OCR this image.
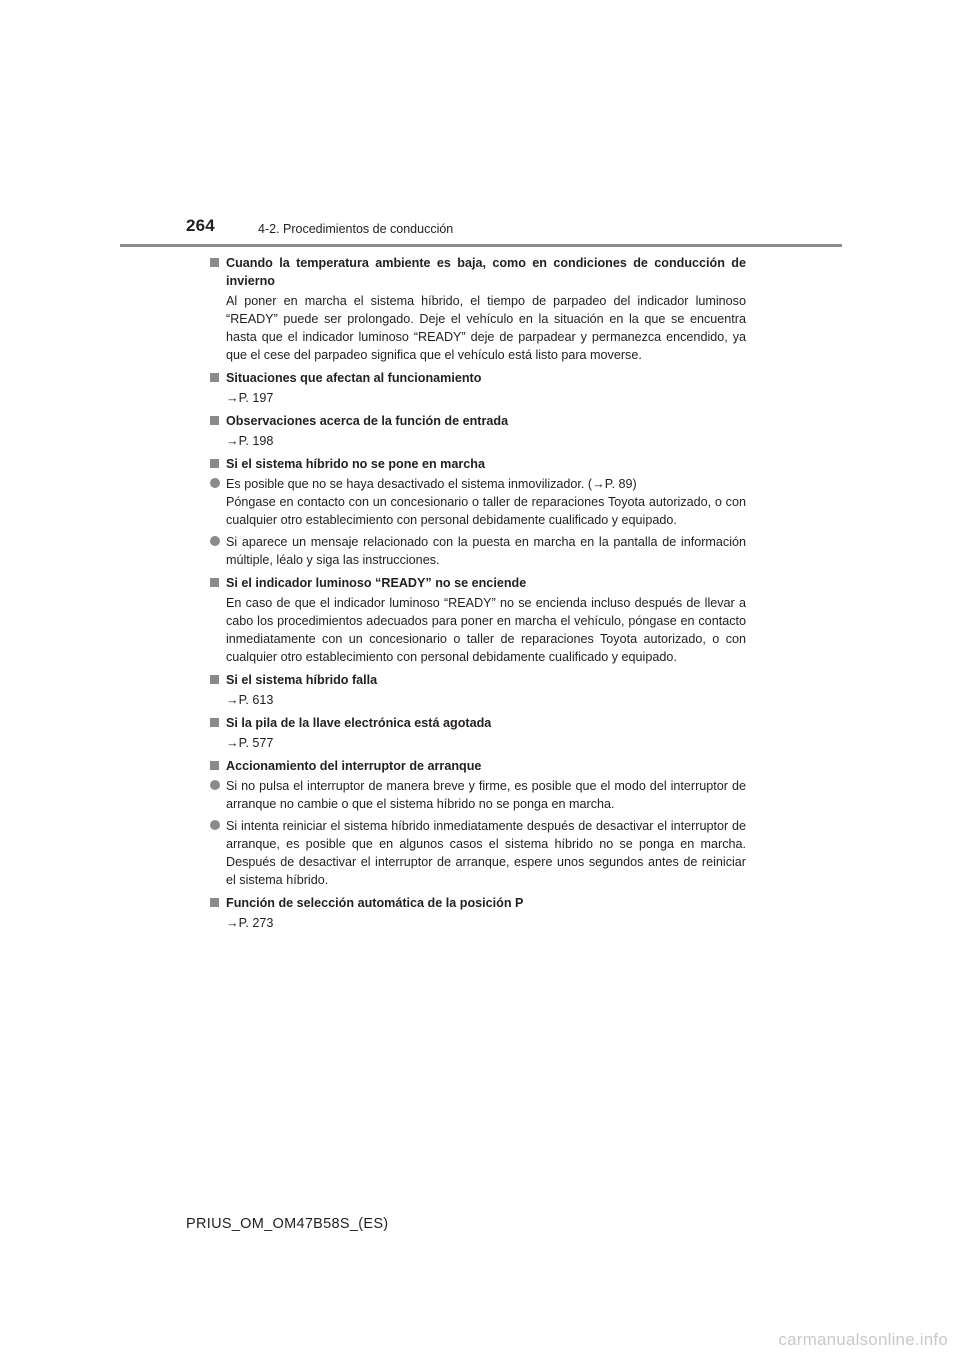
264	4-2. Procedimientos de conducción
Cuando la temperatura ambiente es baja, como en condiciones de conducción de invierno

Al poner en marcha el sistema híbrido, el tiempo de parpadeo del indicador luminoso “READY” puede ser prolongado. Deje el vehículo en la situación en la que se encuentra hasta que el indicador luminoso “READY” deje de parpadear y permanezca encendido, ya que el cese del parpadeo significa que el vehículo está listo para moverse.

Situaciones que afectan al funcionamiento
→P. 197
Observaciones acerca de la función de entrada
→P. 198
Si el sistema híbrido no se pone en marcha
Es posible que no se haya desactivado el sistema inmovilizador. (→P. 89)
Póngase en contacto con un concesionario o taller de reparaciones Toyota autorizado, o con cualquier otro establecimiento con personal debidamente cualificado y equipado.
Si aparece un mensaje relacionado con la puesta en marcha en la pantalla de información múltiple, léalo y siga las instrucciones.
Si el indicador luminoso “READY” no se enciende

En caso de que el indicador luminoso “READY” no se encienda incluso después de llevar a cabo los procedimientos adecuados para poner en marcha el vehículo, póngase en contacto inmediatamente con un concesionario o taller de reparaciones Toyota autorizado, o con cualquier otro establecimiento con personal debidamente cualificado y equipado.

Si el sistema híbrido falla
→P. 613
Si la pila de la llave electrónica está agotada
→P. 577
Accionamiento del interruptor de arranque
Si no pulsa el interruptor de manera breve y firme, es posible que el modo del interruptor de arranque no cambie o que el sistema híbrido no se ponga en marcha.
Si intenta reiniciar el sistema híbrido inmediatamente después de desactivar el interruptor de arranque, es posible que en algunos casos el sistema híbrido no se ponga en marcha. Después de desactivar el interruptor de arranque, espere unos segundos antes de reiniciar el sistema híbrido.
Función de selección automática de la posición P
→P. 273
PRIUS_OM_OM47B58S_(ES)
carmanualsonline.info
